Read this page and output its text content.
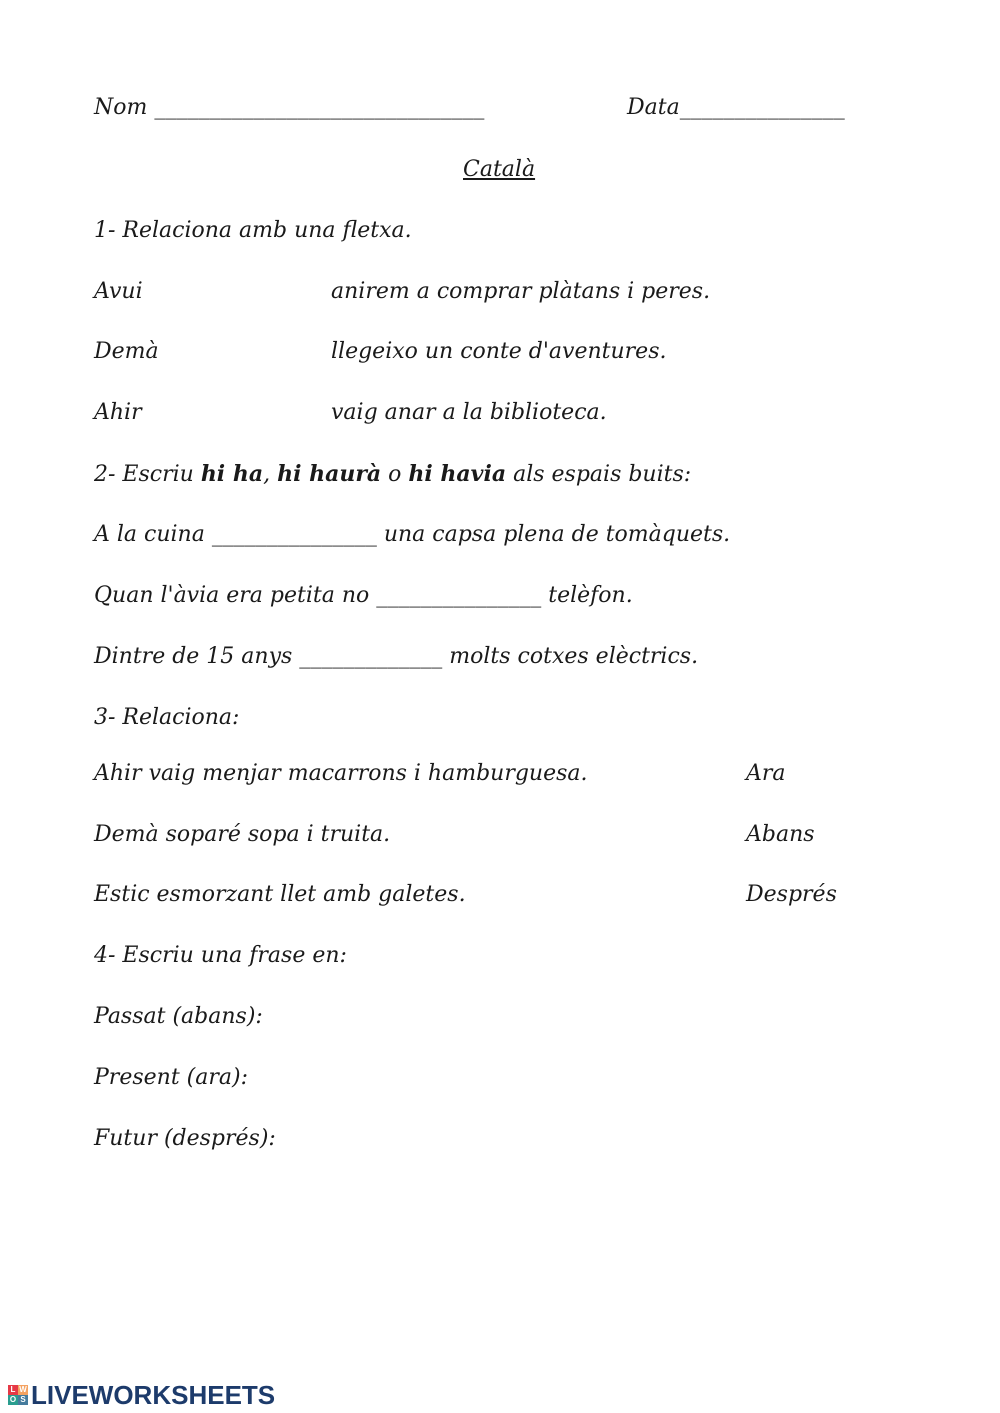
Nom ______________________________	Data_______________
Català
1- Relaciona amb una fletxa.
Avui	anirem a comprar plàtans i peres.
Demà	llegeixo un conte d'aventures.
Ahir	vaig anar a la biblioteca.
2- Escriu hi ha, hi haurà o hi havia als espais buits:
A la cuina _______________ una capsa plena de tomàquets.
Quan l'àvia era petita no _______________ telèfon.
Dintre de 15 anys _____________ molts cotxes elèctrics.
3- Relaciona:
Ahir vaig menjar macarrons i hamburguesa.	Ara
Demà soparé sopa i truita.	Abans
Estic esmorzant llet amb galetes.	Després
4- Escriu una frase en:
Passat (abans):
Present (ara):
Futur (després):
L W
O S LIVEWORKSHEETS
